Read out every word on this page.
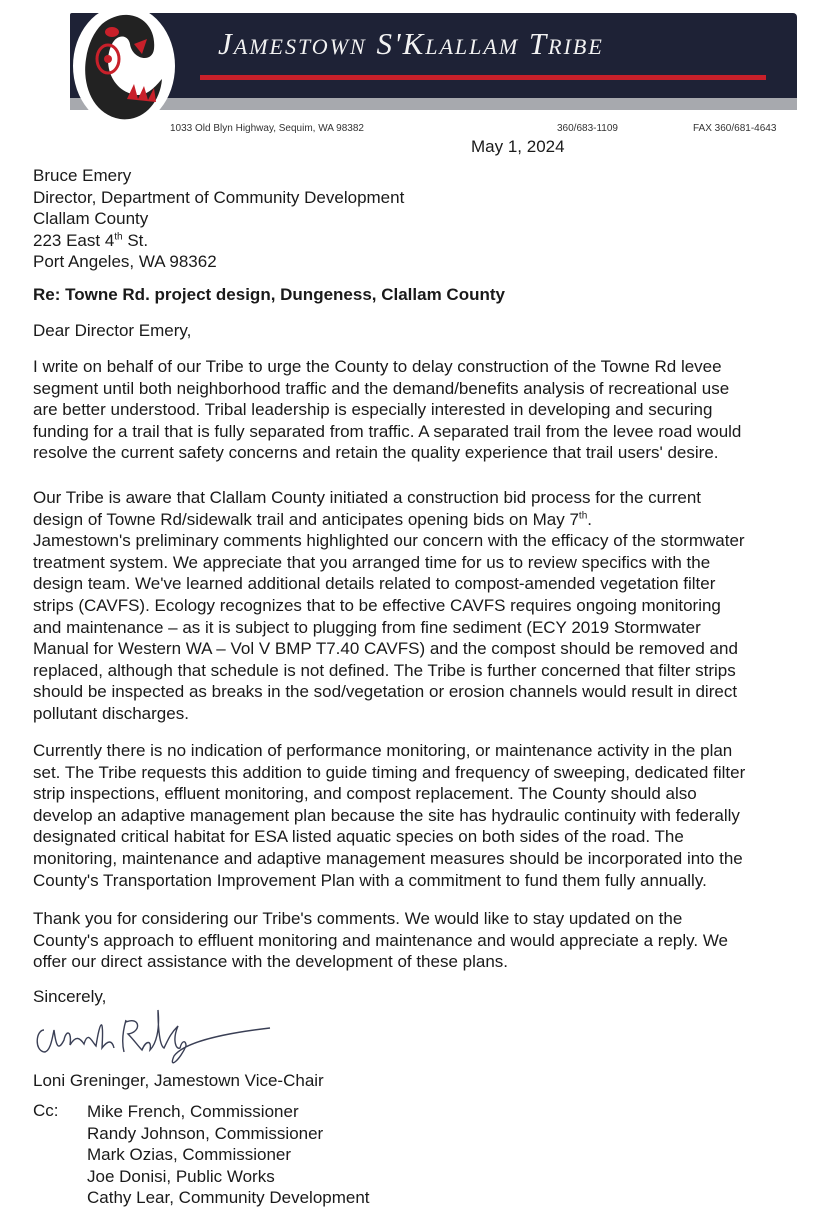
Jamestown S'Klallam Tribe
1033 Old Blyn Highway, Sequim, WA 98382	360/683-1109	FAX 360/681-4643
May 1, 2024
Bruce Emery
Director, Department of Community Development
Clallam County
223 East 4th St.
Port Angeles, WA 98362
Re: Towne Rd. project design, Dungeness, Clallam County
Dear Director Emery,
I write on behalf of our Tribe to urge the County to delay construction of the Towne Rd levee
segment until both neighborhood traffic and the demand/benefits analysis of recreational use
are better understood. Tribal leadership is especially interested in developing and securing
funding for a trail that is fully separated from traffic. A separated trail from the levee road would
resolve the current safety concerns and retain the quality experience that trail users' desire.
Our Tribe is aware that Clallam County initiated a construction bid process for the current
design of Towne Rd/sidewalk trail and anticipates opening bids on May 7th.
Jamestown's preliminary comments highlighted our concern with the efficacy of the stormwater
treatment system. We appreciate that you arranged time for us to review specifics with the
design team. We've learned additional details related to compost-amended vegetation filter
strips (CAVFS). Ecology recognizes that to be effective CAVFS requires ongoing monitoring
and maintenance – as it is subject to plugging from fine sediment (ECY 2019 Stormwater
Manual for Western WA – Vol V BMP T7.40 CAVFS) and the compost should be removed and
replaced, although that schedule is not defined. The Tribe is further concerned that filter strips
should be inspected as breaks in the sod/vegetation or erosion channels would result in direct
pollutant discharges.
Currently there is no indication of performance monitoring, or maintenance activity in the plan
set. The Tribe requests this addition to guide timing and frequency of sweeping, dedicated filter
strip inspections, effluent monitoring, and compost replacement. The County should also
develop an adaptive management plan because the site has hydraulic continuity with federally
designated critical habitat for ESA listed aquatic species on both sides of the road. The
monitoring, maintenance and adaptive management measures should be incorporated into the
County's Transportation Improvement Plan with a commitment to fund them fully annually.
Thank you for considering our Tribe's comments. We would like to stay updated on the
County's approach to effluent monitoring and maintenance and would appreciate a reply. We
offer our direct assistance with the development of these plans.
Sincerely,
Loni Greninger, Jamestown Vice-Chair
Cc: Mike French, Commissioner
Randy Johnson, Commissioner
Mark Ozias, Commissioner
Joe Donisi, Public Works
Cathy Lear, Community Development
